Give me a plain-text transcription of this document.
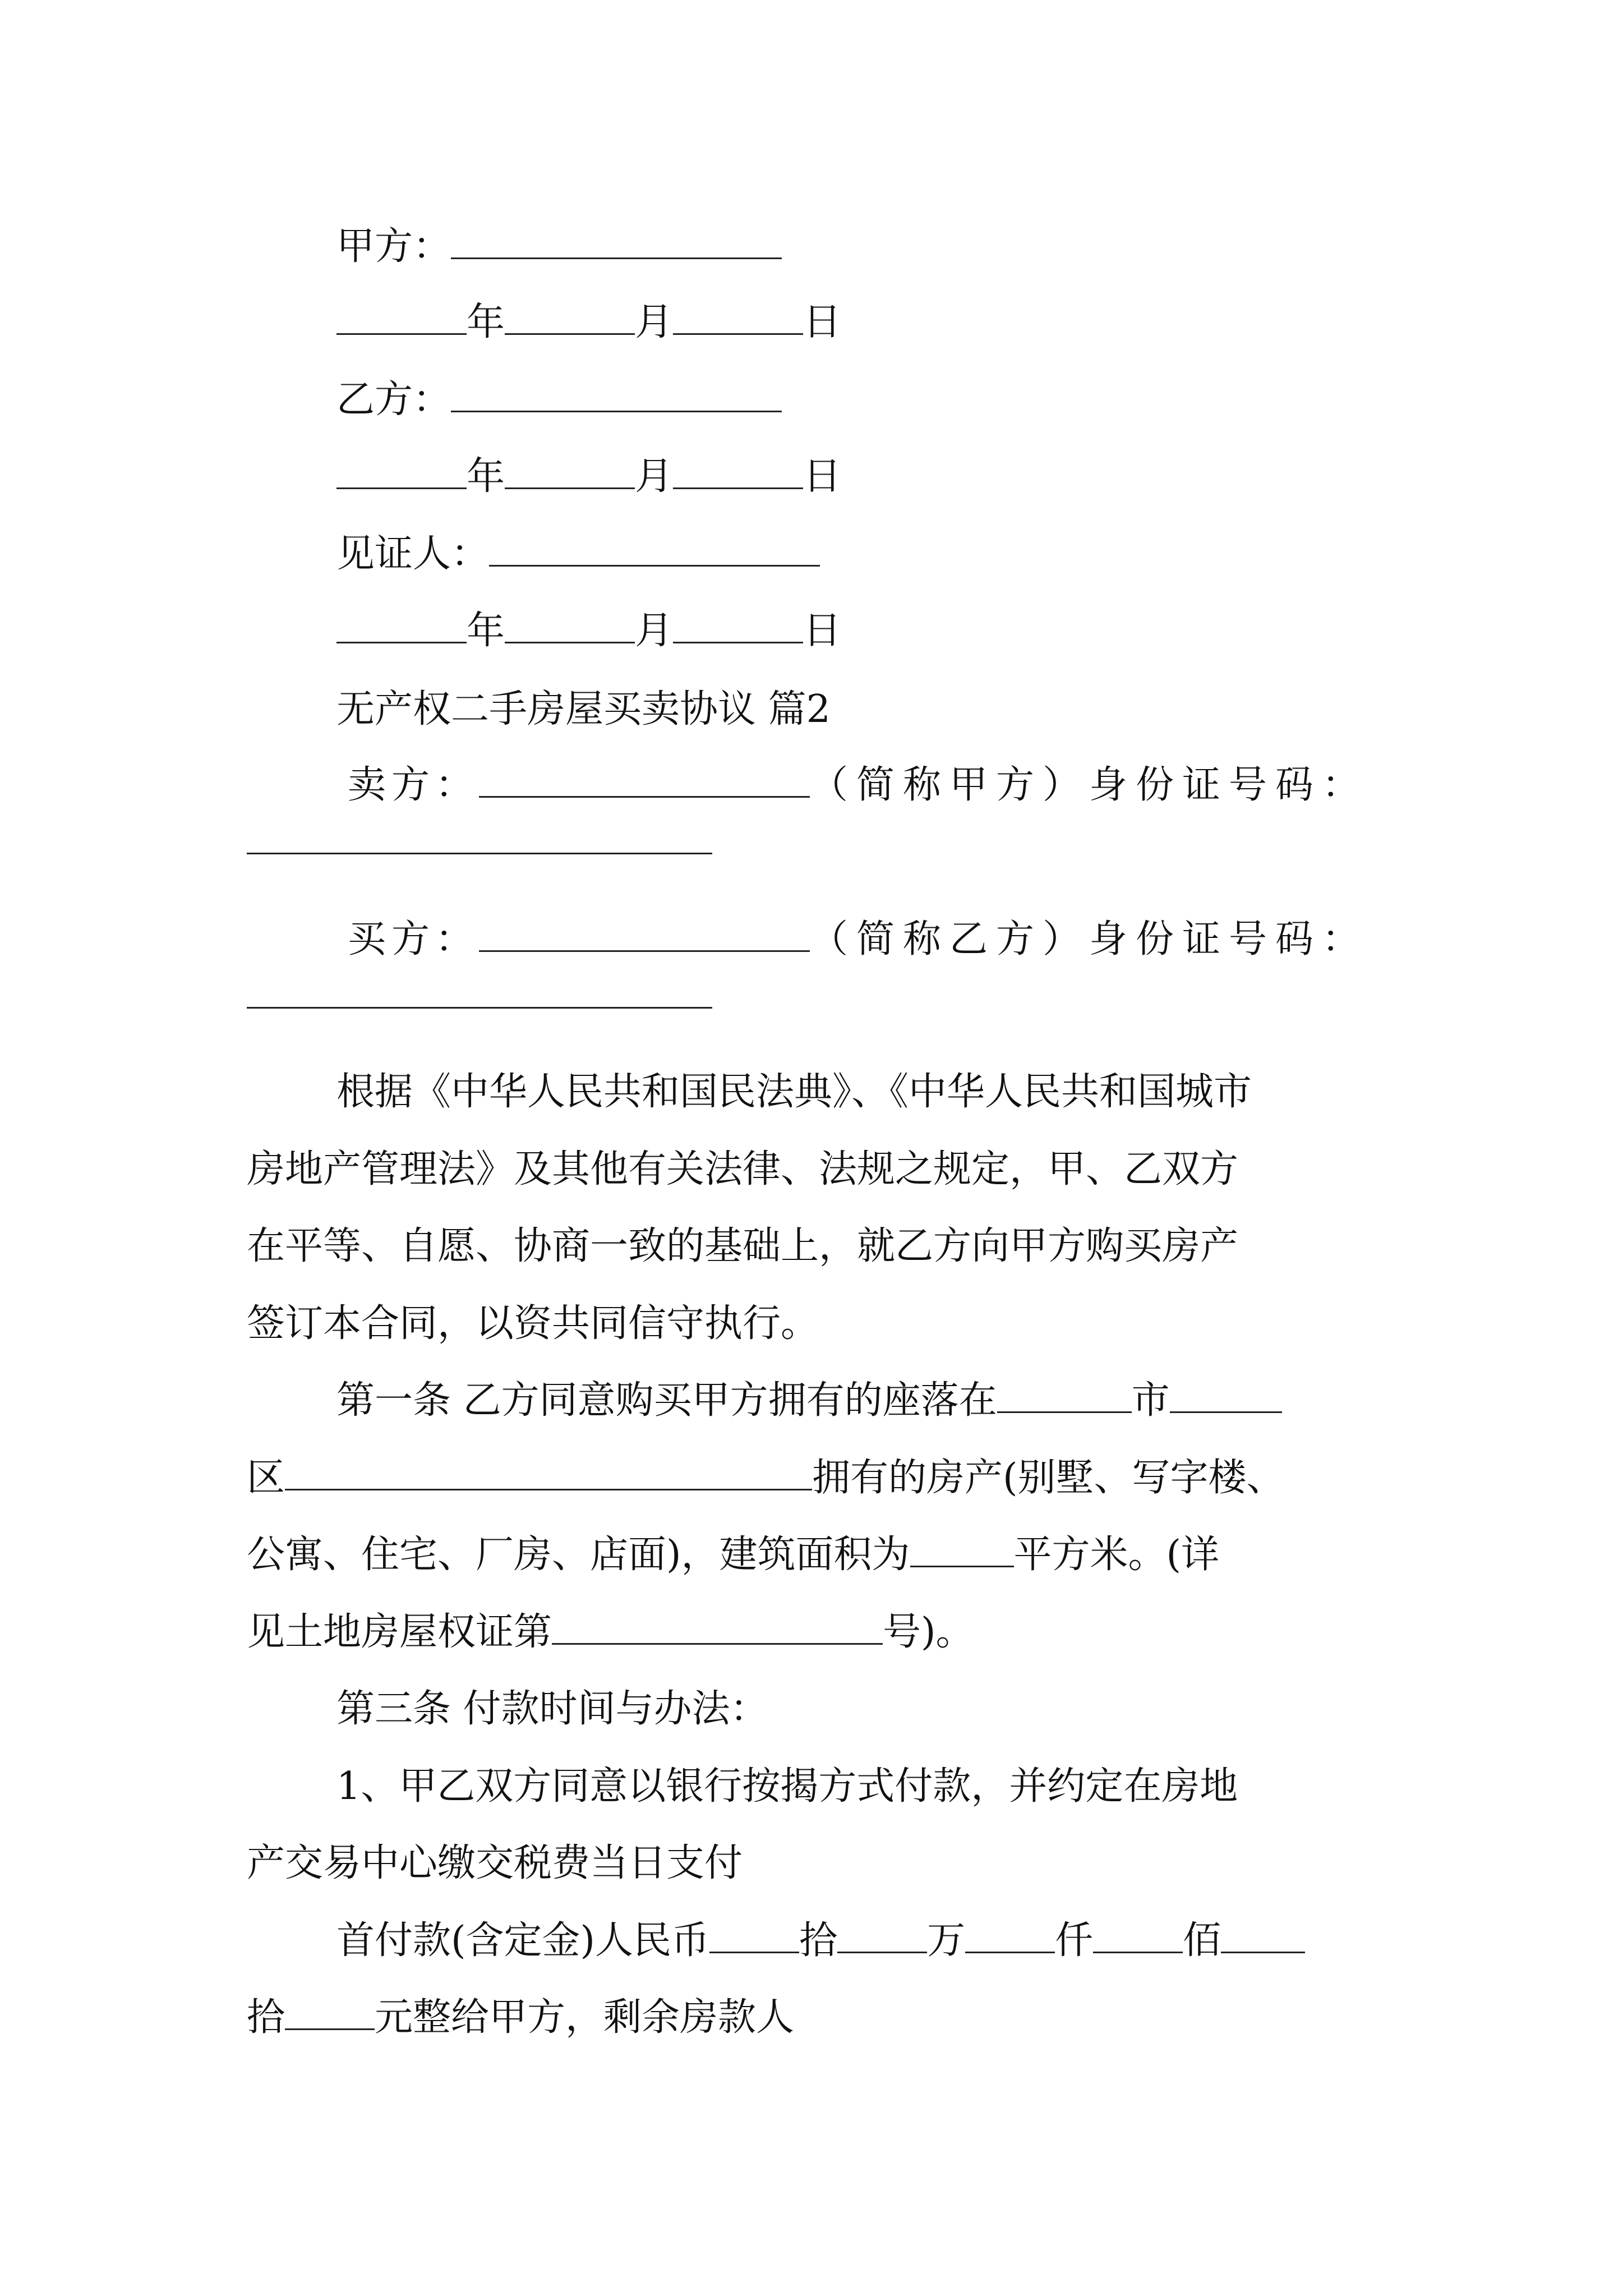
甲方：
年	月	日
乙方：
年	月	日
见证人：
年	月	日
无产权二手房屋买卖协议 篇2
卖方：	（简称甲方）身份证号码：
买方：	（简称乙方）身份证号码：
根据《中华人民共和国民法典》、《中华人民共和国城市
房地产管理法》及其他有关法律、法规之规定，甲、乙双方
在平等、自愿、协商一致的基础上，就乙方向甲方购买房产
签订本合同，以资共同信守执行。
第一条 乙方同意购买甲方拥有的座落在	市
区	拥有的房产(别墅、写字楼、
公寓、住宅、厂房、店面)，建筑面积为	平方米。(详
见土地房屋权证第	号)。
第三条 付款时间与办法：
1、甲乙双方同意以银行按揭方式付款，并约定在房地
产交易中心缴交税费当日支付
首付款(含定金)人民币 拾 万 仟 佰
拾 元整给甲方，剩余房款人
